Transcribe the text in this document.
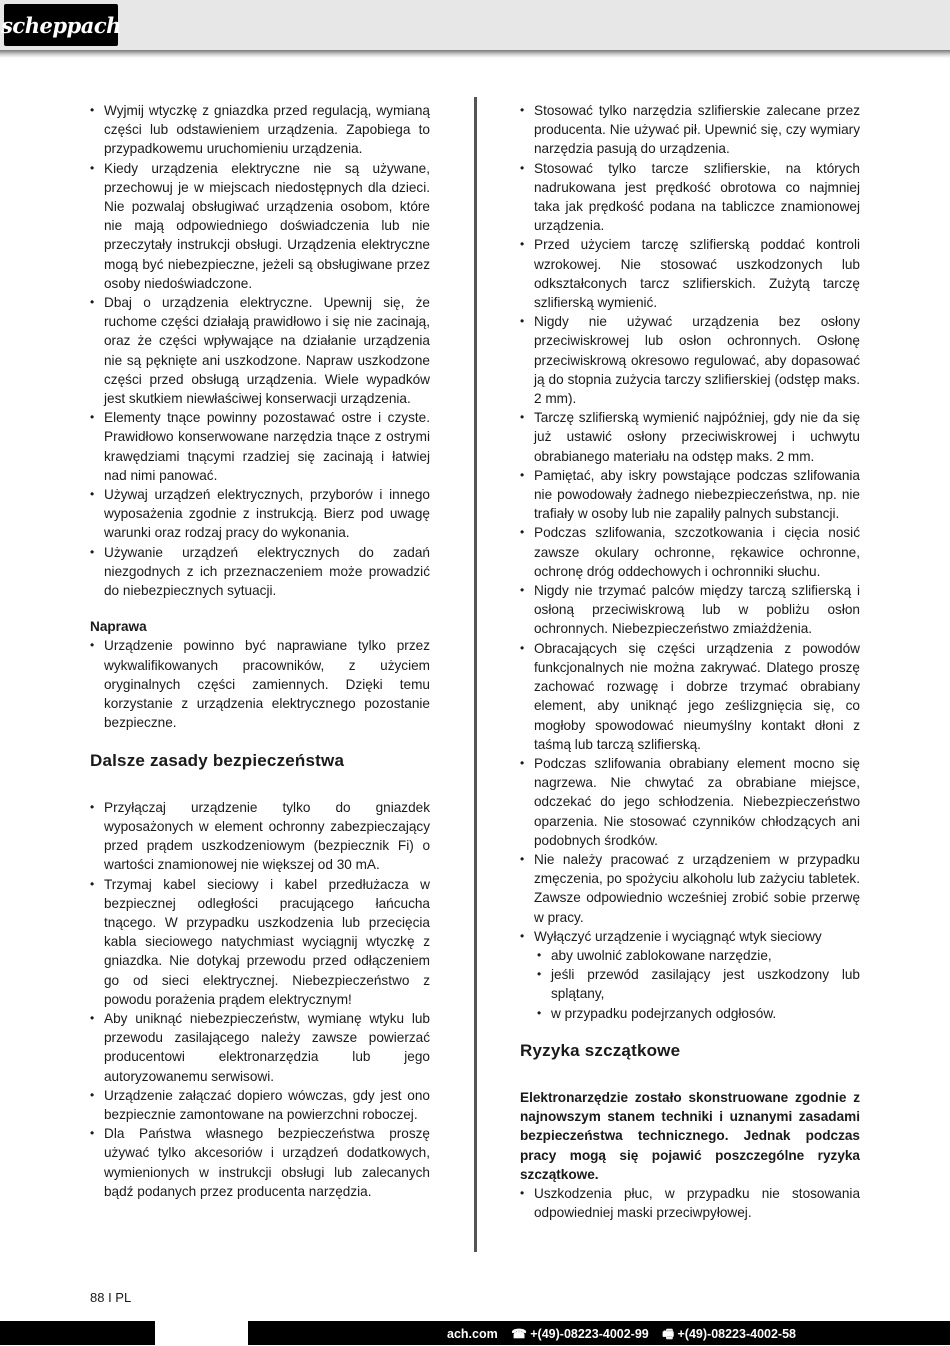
scheppach
• Wyjmij wtyczkę z gniazdka przed regulacją, wymianą części lub odstawieniem urządzenia. Zapobiega to przypadkowemu uruchomieniu urządzenia.
• Kiedy urządzenia elektryczne nie są używane, przechowuj je w miejscach niedostępnych dla dzieci. Nie pozwalaj obsługiwać urządzenia osobom, które nie mają odpowiedniego doświadczenia lub nie przeczytały instrukcji obsługi. Urządzenia elektryczne mogą być niebezpieczne, jeżeli są obsługiwane przez osoby niedoświadczone.
• Dbaj o urządzenia elektryczne. Upewnij się, że ruchome części działają prawidłowo i się nie zacinają, oraz że części wpływające na działanie urządzenia nie są pęknięte ani uszkodzone. Napraw uszkodzone części przed obsługą urządzenia. Wiele wypadków jest skutkiem niewłaściwej konserwacji urządzenia.
• Elementy tnące powinny pozostawać ostre i czyste. Prawidłowo konserwowane narzędzia tnące z ostrymi krawędziami tnącymi rzadziej się zacinają i łatwiej nad nimi panować.
• Używaj urządzeń elektrycznych, przyborów i innego wyposażenia zgodnie z instrukcją. Bierz pod uwagę warunki oraz rodzaj pracy do wykonania.
• Używanie urządzeń elektrycznych do zadań niezgodnych z ich przeznaczeniem może prowadzić do niebezpiecznych sytuacji.

Naprawa

• Urządzenie powinno być naprawiane tylko przez wykwalifikowanych pracowników, z użyciem oryginalnych części zamiennych. Dzięki temu korzystanie z urządzenia elektrycznego pozostanie bezpieczne.
Dalsze zasady bezpieczeństwa
• Przyłączaj urządzenie tylko do gniazdek wyposażonych w element ochronny zabezpieczający przed prądem uszkodzeniowym (bezpiecznik Fi) o wartości znamionowej nie większej od 30 mA.
• Trzymaj kabel sieciowy i kabel przedłużacza w bezpiecznej odległości pracującego łańcucha tnącego. W przypadku uszkodzenia lub przecięcia kabla sieciowego natychmiast wyciągnij wtyczkę z gniazdka. Nie dotykaj przewodu przed odłączeniem go od sieci elektrycznej. Niebezpieczeństwo z powodu porażenia prądem elektrycznym!
• Aby uniknąć niebezpieczeństw, wymianę wtyku lub przewodu zasilającego należy zawsze powierzać producentowi elektronarzędzia lub jego autoryzowanemu serwisowi.
• Urządzenie załączać dopiero wówczas, gdy jest ono bezpiecznie zamontowane na powierzchni roboczej.
• Dla Państwa własnego bezpieczeństwa proszę używać tylko akcesoriów i urządzeń dodatkowych, wymienionych w instrukcji obsługi lub zalecanych bądź podanych przez producenta narzędzia.
• Stosować tylko narzędzia szlifierskie zalecane przez producenta. Nie używać pił. Upewnić się, czy wymiary narzędzia pasują do urządzenia.
• Stosować tylko tarcze szlifierskie, na których nadrukowana jest prędkość obrotowa co najmniej taka jak prędkość podana na tabliczce znamionowej urządzenia.
• Przed użyciem tarczę szlifierską poddać kontroli wzrokowej. Nie stosować uszkodzonych lub odkształconych tarcz szlifierskich. Zużytą tarczę szlifierską wymienić.
• Nigdy nie używać urządzenia bez osłony przeciwiskrowej lub osłon ochronnych. Osłonę przeciwiskrową okresowo regulować, aby dopasować ją do stopnia zużycia tarczy szlifierskiej (odstęp maks. 2 mm).
• Tarczę szlifierską wymienić najpóźniej, gdy nie da się już ustawić osłony przeciwiskrowej i uchwytu obrabianego materiału na odstęp maks. 2 mm.
• Pamiętać, aby iskry powstające podczas szlifowania nie powodowały żadnego niebezpieczeństwa, np. nie trafiały w osoby lub nie zapaliły palnych substancji.
• Podczas szlifowania, szczotkowania i cięcia nosić zawsze okulary ochronne, rękawice ochronne, ochronę dróg oddechowych i ochronniki słuchu.
• Nigdy nie trzymać palców między tarczą szlifierską i osłoną przeciwiskrową lub w pobliżu osłon ochronnych. Niebezpieczeństwo zmiażdżenia.
• Obracających się części urządzenia z powodów funkcjonalnych nie można zakrywać. Dlatego proszę zachować rozwagę i dobrze trzymać obrabiany element, aby uniknąć jego ześlizgnięcia się, co mogłoby spowodować nieumyślny kontakt dłoni z taśmą lub tarczą szlifierską.
• Podczas szlifowania obrabiany element mocno się nagrzewa. Nie chwytać za obrabiane miejsce, odczekać do jego schłodzenia. Niebezpieczeństwo oparzenia. Nie stosować czynników chłodzących ani podobnych środków.
• Nie należy pracować z urządzeniem w przypadku zmęczenia, po spożyciu alkoholu lub zażyciu tabletek. Zawsze odpowiednio wcześniej zrobić sobie przerwę w pracy.
• Wyłączyć urządzenie i wyciągnąć wtyk sieciowy
• aby uwolnić zablokowane narzędzie,
• jeśli przewód zasilający jest uszkodzony lub splątany,
• w przypadku podejrzanych odgłosów.
Ryzyka szczątkowe

Elektronarzędzie zostało skonstruowane zgodnie z najnowszym stanem techniki i uznanymi zasadami bezpieczeństwa technicznego. Jednak podczas pracy mogą się pojawić poszczególne ryzyka szczątkowe.

• Uszkodzenia płuc, w przypadku nie stosowania odpowiedniej maski przeciwpyłowej.
88 I PL
ach.com ☎ +(49)-08223-4002-99 🖷 +(49)-08223-4002-58
